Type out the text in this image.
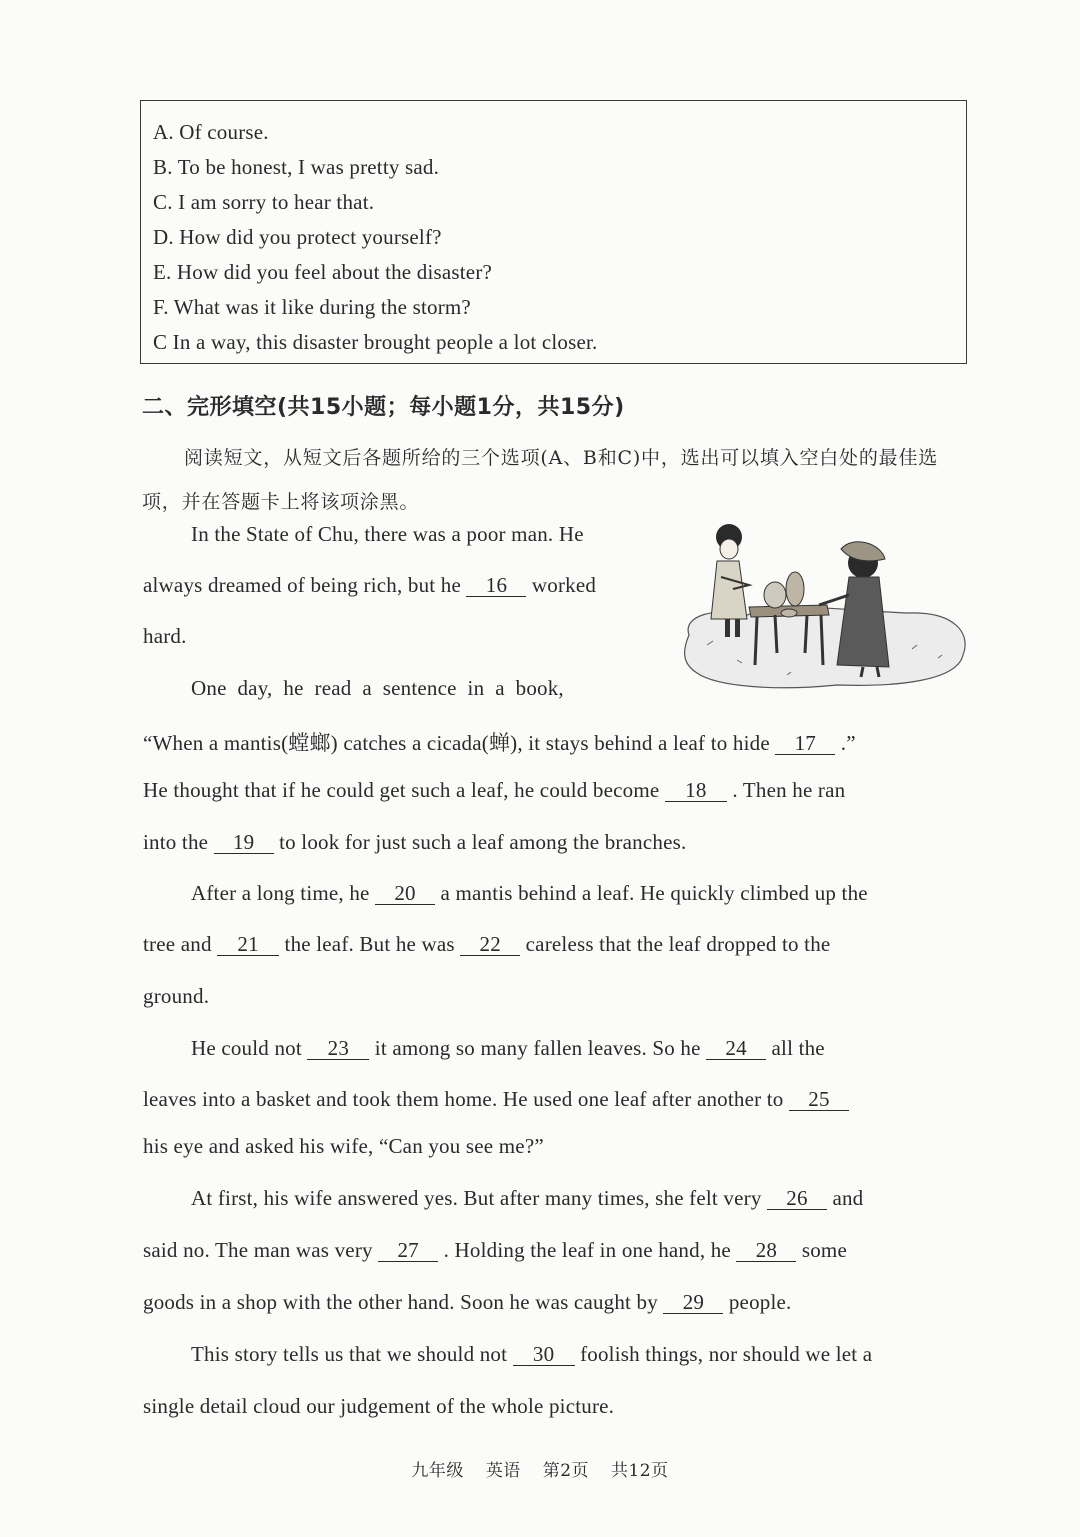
A. Of course.
B. To be honest, I was pretty sad.
C. I am sorry to hear that.
D. How did you protect yourself?
E. How did you feel about the disaster?
F. What was it like during the storm?
C In a way, this disaster brought people a lot closer.
二、完形填空(共15小题；每小题1分，共15分)
阅读短文，从短文后各题所给的三个选项(A、B和C)中，选出可以填入空白处的最佳选项，并在答题卡上将该项涂黑。
In the State of Chu, there was a poor man. He
always dreamed of being rich, but he 16 worked
hard.
One  day,  he  read  a  sentence  in  a  book,
“When a mantis(螳螂) catches a cicada(蝉), it stays behind a leaf to hide 17 .”
He thought that if he could get such a leaf, he could become 18 . Then he ran
into the 19 to look for just such a leaf among the branches.
After a long time, he 20 a mantis behind a leaf. He quickly climbed up the
tree and 21 the leaf. But he was 22 careless that the leaf dropped to the
ground.
He could not 23 it among so many fallen leaves. So he 24 all the
leaves into a basket and took them home. He used one leaf after another to 25
his eye and asked his wife, “Can you see me?”
At first, his wife answered yes. But after many times, she felt very 26 and
said no. The man was very 27 . Holding the leaf in one hand, he 28 some
goods in a shop with the other hand. Soon he was caught by 29 people.
This story tells us that we should not 30 foolish things, nor should we let a
single detail cloud our judgement of the whole picture.
九年级 英语 第2页 共12页
